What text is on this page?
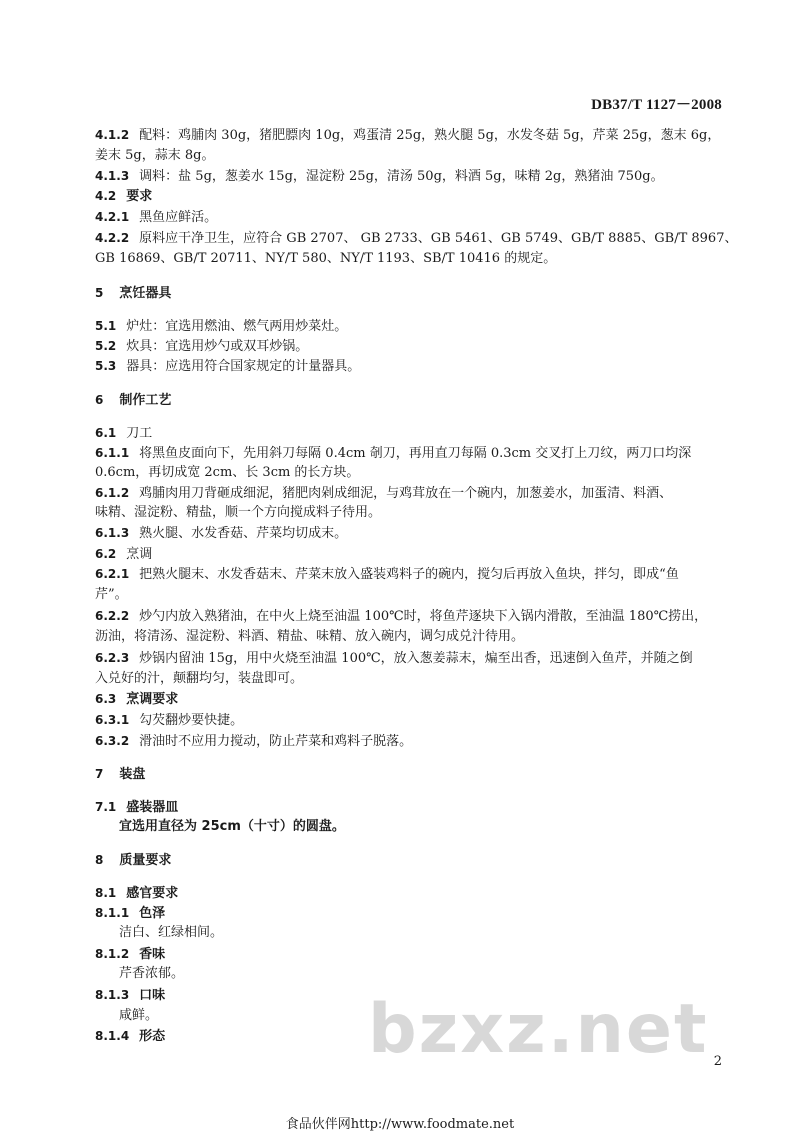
DB37/T 1127－2008
4.1.2 配料：鸡脯肉 30g，猪肥膘肉 10g，鸡蛋清 25g，熟火腿 5g，水发冬菇 5g，芹菜 25g，葱末 6g，
姜末 5g，蒜末 8g。
4.1.3 调料：盐 5g，葱姜水 15g，湿淀粉 25g，清汤 50g，料酒 5g，味精 2g，熟猪油 750g。
4.2 要求
4.2.1 黑鱼应鲜活。
4.2.2 原料应干净卫生，应符合 GB 2707、 GB 2733、GB 5461、GB 5749、GB/T 8885、GB/T 8967、
GB 16869、GB/T 20711、NY/T 580、NY/T 1193、SB/T 10416 的规定。
5 烹饪器具
5.1 炉灶：宜选用燃油、燃气两用炒菜灶。
5.2 炊具：宜选用炒勺或双耳炒锅。
5.3 器具：应选用符合国家规定的计量器具。
6 制作工艺
6.1 刀工
6.1.1 将黑鱼皮面向下，先用斜刀每隔 0.4cm 剞刀，再用直刀每隔 0.3cm 交叉打上刀纹，两刀口均深
0.6cm，再切成宽 2cm、长 3cm 的长方块。
6.1.2 鸡脯肉用刀背砸成细泥，猪肥肉剁成细泥，与鸡茸放在一个碗内，加葱姜水，加蛋清、料酒、
味精、湿淀粉、精盐，顺一个方向搅成料子待用。
6.1.3 熟火腿、水发香菇、芹菜均切成末。
6.2 烹调
6.2.1 把熟火腿末、水发香菇末、芹菜末放入盛装鸡料子的碗内，搅匀后再放入鱼块，拌匀，即成“鱼
芹”。
6.2.2 炒勺内放入熟猪油，在中火上烧至油温 100℃时，将鱼芹逐块下入锅内滑散，至油温 180℃捞出，
沥油，将清汤、湿淀粉、料酒、精盐、味精、放入碗内，调匀成兑汁待用。
6.2.3 炒锅内留油 15g，用中火烧至油温 100℃，放入葱姜蒜末，煸至出香，迅速倒入鱼芹，并随之倒
入兑好的汁，颠翻均匀，装盘即可。
6.3 烹调要求
6.3.1 勾芡翻炒要快捷。
6.3.2 滑油时不应用力搅动，防止芹菜和鸡料子脱落。
7 装盘
7.1 盛装器皿
宜选用直径为 25cm（十寸）的圆盘。
8 质量要求
8.1 感官要求
8.1.1 色泽
洁白、红绿相间。
8.1.2 香味
芹香浓郁。
8.1.3 口味
咸鲜。
8.1.4 形态	bzxz.net 2
食品伙伴网http://www.foodmate.net
